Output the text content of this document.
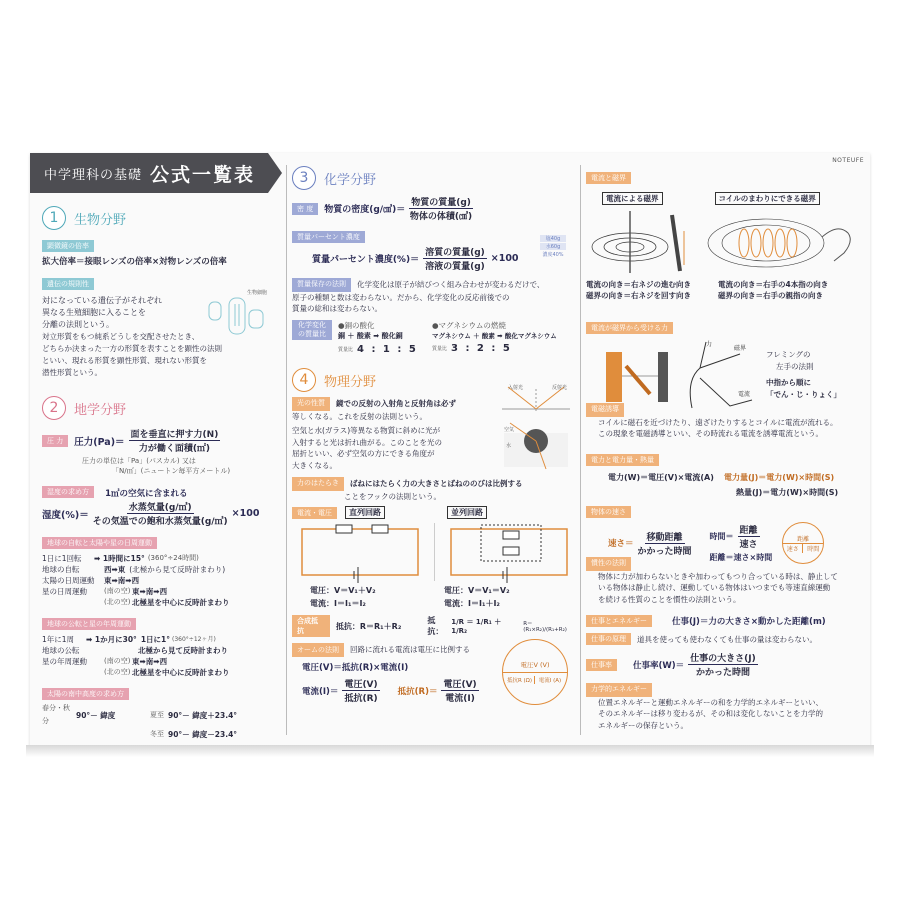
中学理科の基礎 公式一覧表
NOTEUFE
1	生物分野
顕微鏡の倍率
拡大倍率＝接眼レンズの倍率×対物レンズの倍率
遺伝の規則性
対になっている遺伝子がそれぞれ
異なる生殖細胞に入ることを
分離の法則という。
生物細胞
対立形質をもつ純系どうしを交配させたとき、
どちらか決まった一方の形質を表すことを顕性の法則
といい、現れる形質を顕性形質、現れない形質を
潜性形質という。
2	地学分野
圧 力	圧力$(Pa)= \frac{\text{面を垂直に押す力(N)}}{\text{力が働く面積(㎡)}}$
圧力の単位は「Pa」(パスカル) 又は
「N/㎡」(ニュートン毎平方メートル)
湿度の求め方 1㎥の空気に含まれる
湿度(%)＝ $\frac{\text{水蒸気量(g/㎥)}}{\text{その気温での飽和水蒸気量(g/㎥)}} \times 100$
地球の自転と太陽や星の日周運動
1日に1回転	➡ 1時間に15° (360°÷24時間)
地球の自転	西➡東 (北極から見て反時計まわり)
太陽の日周運動	東➡南➡西
星の日周運動	(南の空) 東➡南➡西
(北の空) 北極星を中心に反時計まわり
地球の公転と星の年周運動
1年に1周	➡ 1か月に30° 1日に1° (360°÷12ヶ月)
地球の公転	北極から見て反時計まわり
星の年周運動	(南の空) 東➡南➡西
(北の空) 北極星を中心に反時計まわり
太陽の南中高度の求め方
春分・秋分
90°－ 緯度	夏至 90°－ 緯度＋23.4°
冬至 90°－ 緯度－23.4°
3	化学分野
密 度	物質の密度(g/㎤)＝ $\frac{\text{物質の質量(g)}}{\text{物体の体積(㎤)}}$
質量パーセント濃度
質量パーセント濃度(%)＝ $\frac{\text{溶質の質量(g)}}{\text{溶液の質量(g)}} \times 100$
塩40g
水60g
濃度40%
質量保存の法則 化学変化は原子が結びつく組み合わせが変わるだけで、
原子の種類と数は変わらない。だから、化学変化の反応前後での
質量の総和は変わらない。
化学変化の質量比
●銅の酸化
銅 ＋ 酸素 ➡ 酸化銅
質量比 4 : 1 : 5
●マグネシウムの燃焼
マグネシウム ＋ 酸素 ➡ 酸化マグネシウム
質量比 3 : 2 : 5
4	物理分野
光の性質 鏡での反射の入射角と反射角は必ず
等しくなる。これを反射の法則という。
空気と水(ガラス)等異なる物質に斜めに光が
入射すると光は折れ曲がる。このことを光の
屈折といい、必ず空気の方にできる角度が
大きくなる。
入射光	反射光
空気
水
力のはたらき ばねにはたらく力の大きさとばねののびは比例する
ことをフックの法則という。
電流・電圧	直列回路	並列回路
電圧：V＝V₁＋V₂
電流：I＝I₁＝I₂
電圧：V＝V₁＝V₂
電流：I＝I₁＋I₂
合成抵抗
抵抗：R＝R₁＋R₂
抵抗：
1/R ＝ 1/R₁ ＋ 1/R₂
R＝(R₁×R₂)/(R₁+R₂)
オームの法則 回路に流れる電流は電圧に比例する
電圧(V)＝抵抗(R)×電流(I)
電流$(I)= \frac{\text{電圧(V)}}{\text{抵抗(R)}}$ 抵抗$(R)= \frac{\text{電圧(V)}}{\text{電流(I)}}$
電圧V (V)
抵抗R (Ω)	電流I (A)
電流と磁界
電流による磁界	コイルのまわりにできる磁界
電流の向き＝右ネジの進む向き
磁界の向き＝右ネジを回す向き
電流の向き＝右手の4本指の向き
磁界の向き＝右手の親指の向き
電流が磁界から受ける力
力
磁界
電流
フレミングの
左手の法則
中指から順に
「でん・じ・りょく」
電磁誘導
コイルに磁石を近づけたり、遠ざけたりするとコイルに電流が流れる。
この現象を電磁誘導といい、その時流れる電流を誘導電流という。
電力と電力量・熱量
電力(W)＝電圧(V)×電流(A)	電力量(J)＝電力(W)×時間(S)
熱量(J)＝電力(W)×時間(S)
物体の速さ
速さ＝ $\frac{\text{移動距離}}{\text{かかった時間}}$ 時間＝ $\frac{\text{距離}}{\text{速さ}}$
距離＝速さ×時間
距離
速さ	時間
慣性の法則
物体に力が加わらないときや加わってもつり合っている時は、静止して
いる物体は静止し続け、運動している物体はいつまでも等速直線運動
を続ける性質のことを慣性の法則という。
仕事とエネルギー	仕事(J)＝力の大きさ×動かした距離(m)
仕事の原理	道具を使っても使わなくても仕事の量は変わらない。
仕事率	仕事率$(W)= \frac{\text{仕事の大きさ(J)}}{\text{かかった時間}}$
力学的エネルギー
位置エネルギーと運動エネルギーの和を力学的エネルギーといい、
そのエネルギーは移り変わるが、その和は変化しないことを力学的
エネルギーの保存という。
